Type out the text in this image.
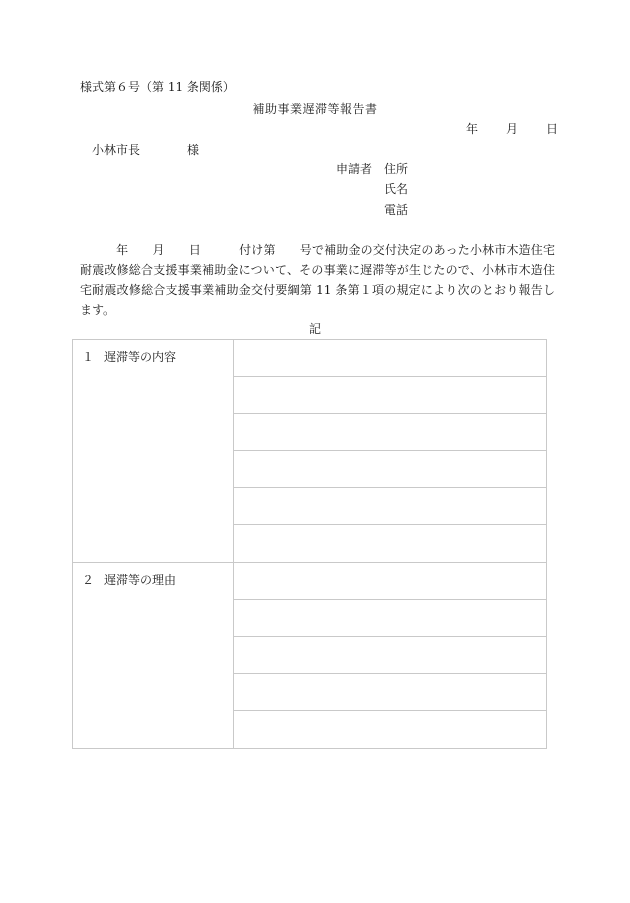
様式第６号（第 11 条関係）
補助事業遅滞等報告書
年 月 日
小林市長	様
申請者 住所
氏名
電話
年 月 日	付け第 号で補助金の交付決定のあった小林市木造住宅耐震改修総合支援事業補助金について、その事業に遅滞等が生じたので、小林市木造住宅耐震改修総合支援事業補助金交付要綱第 11 条第１項の規定により次のとおり報告します。
記
１ 遅滞等の内容
２ 遅滞等の理由
